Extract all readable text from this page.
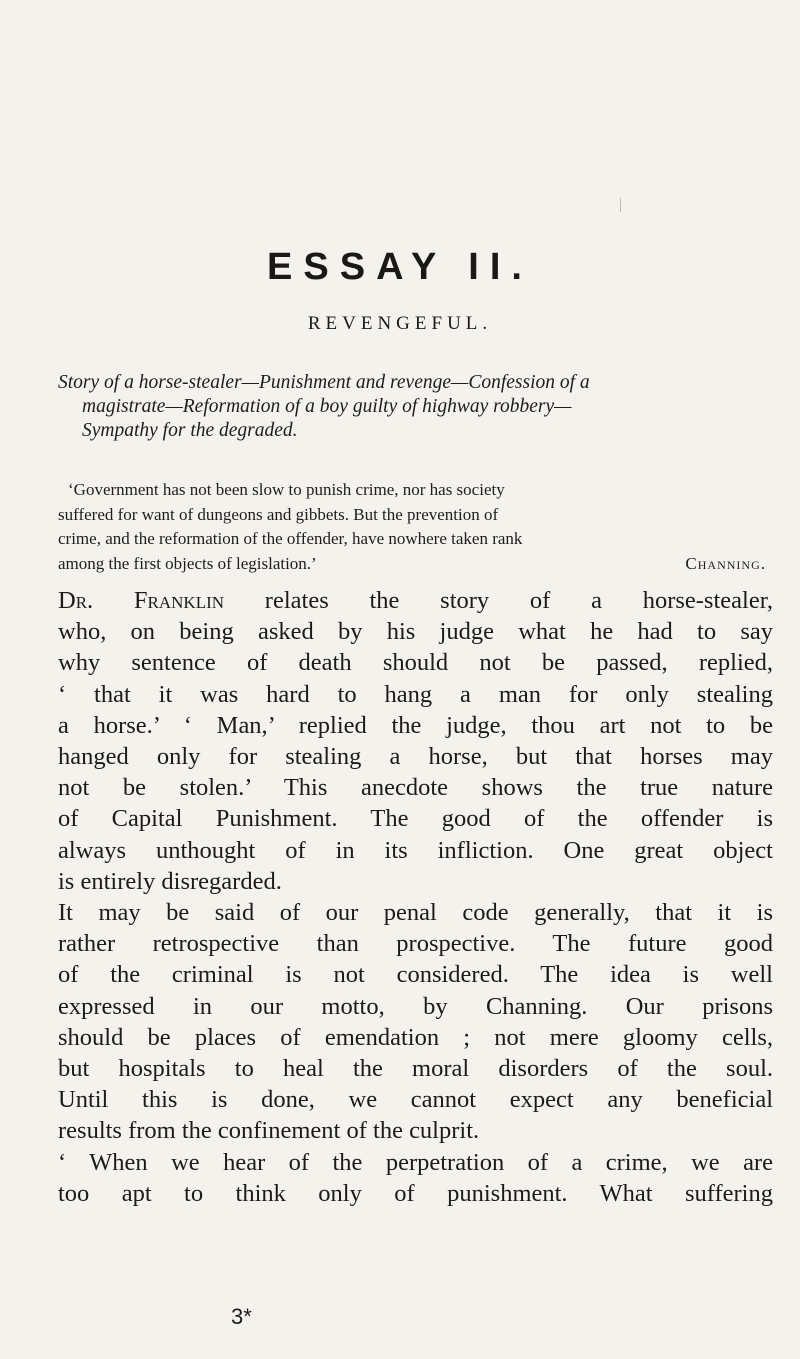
ESSAY II.
REVENGEFUL.
Story of a horse-stealer—Punishment and revenge—Confession of a
magistrate—Reformation of a boy guilty of highway robbery—
Sympathy for the degraded.
‘Government has not been slow to punish crime, nor has society
suffered for want of dungeons and gibbets. But the prevention of
crime, and the reformation of the offender, have nowhere taken rank
among the first objects of legislation.’	Channing.
Dr. Franklin relates the story of a horse-stealer,
who, on being asked by his judge what he had to say
why sentence of death should not be passed, replied,
‘ that it was hard to hang a man for only stealing
a horse.’ ‘ Man,’ replied the judge, thou art not to be
hanged only for stealing a horse, but that horses may
not be stolen.’ This anecdote shows the true nature
of Capital Punishment. The good of the offender is
always unthought of in its infliction. One great object
is entirely disregarded.
It may be said of our penal code generally, that it is
rather retrospective than prospective. The future good
of the criminal is not considered. The idea is well
expressed in our motto, by Channing. Our prisons
should be places of emendation ; not mere gloomy cells,
but hospitals to heal the moral disorders of the soul.
Until this is done, we cannot expect any beneficial
results from the confinement of the culprit.
‘ When we hear of the perpetration of a crime, we are
too apt to think only of punishment. What suffering
3*
